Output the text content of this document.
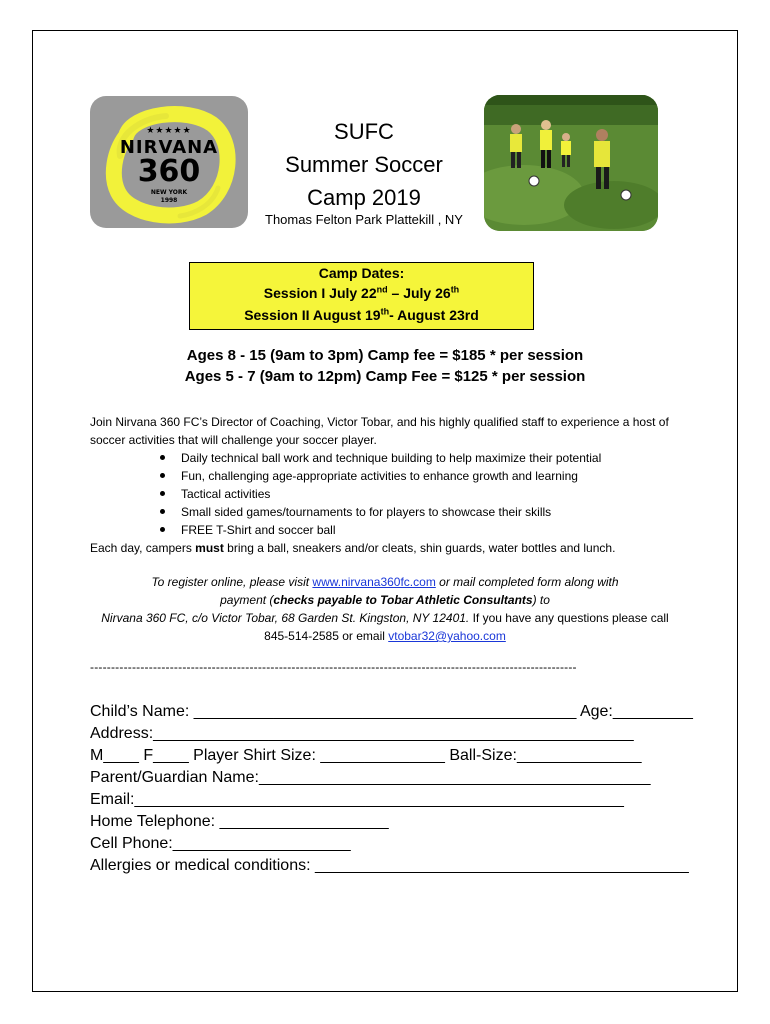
★★★★★
NIRVANA
360
NEW YORK
1998
SUFC
Summer Soccer
Camp 2019
Thomas Felton Park Plattekill , NY
Camp Dates:
Session I July 22nd – July 26th
Session II August 19th- August 23rd
Ages 8 - 15 (9am to 3pm) Camp fee = $185 * per session
Ages 5 - 7 (9am to 12pm) Camp Fee = $125 * per session
Join Nirvana 360 FC’s Director of Coaching, Victor Tobar, and his highly qualified staff to experience a host of soccer activities that will challenge your soccer player.
Daily technical ball work and technique building to help maximize their potential
Fun, challenging age-appropriate activities to enhance growth and learning
Tactical activities
Small sided games/tournaments to for players to showcase their skills
FREE T-Shirt and soccer ball
Each day, campers must bring a ball, sneakers and/or cleats, shin guards, water bottles and lunch.
To register online, please visit www.nirvana360fc.com or mail completed form along with
payment (checks payable to Tobar Athletic Consultants) to
Nirvana 360 FC, c/o Victor Tobar, 68 Garden St. Kingston, NY 12401. If you have any questions please call
845-514-2585 or email vtobar32@yahoo.com
--------------------------------------------------------------------------------------------------------------------
Child’s Name: ___________________________________________ Age:_________
Address:______________________________________________________
M____ F____ Player Shirt Size: ______________ Ball-Size:______________
Parent/Guardian Name:____________________________________________
Email:_______________________________________________________
Home Telephone: ___________________
Cell Phone:____________________
Allergies or medical conditions: __________________________________________
